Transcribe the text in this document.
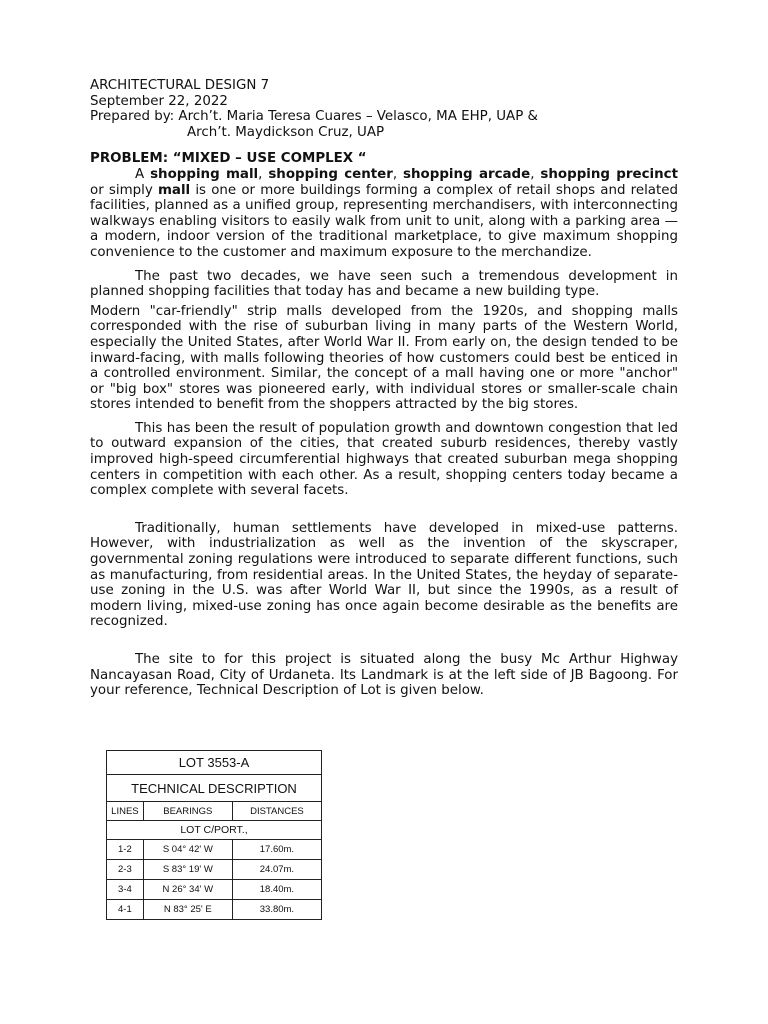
ARCHITECTURAL DESIGN 7
September 22, 2022
Prepared by: Arch’t. Maria Teresa Cuares – Velasco, MA EHP, UAP &
Arch’t. Maydickson Cruz, UAP
PROBLEM: “MIXED – USE COMPLEX “

A shopping mall, shopping center, shopping arcade, shopping precinct or simply mall is one or more buildings forming a complex of retail shops and related facilities, planned as a unified group, representing merchandisers, with interconnecting walkways enabling visitors to easily walk from unit to unit, along with a parking area — a modern, indoor version of the traditional marketplace, to give maximum shopping convenience to the customer and maximum exposure to the merchandize.

The past two decades, we have seen such a tremendous development in planned shopping facilities that today has and became a new building type.

Modern "car-friendly" strip malls developed from the 1920s, and shopping malls corresponded with the rise of suburban living in many parts of the Western World, especially the United States, after World War II. From early on, the design tended to be inward-facing, with malls following theories of how customers could best be enticed in a controlled environment. Similar, the concept of a mall having one or more "anchor" or "big box" stores was pioneered early, with individual stores or smaller-scale chain stores intended to benefit from the shoppers attracted by the big stores.

This has been the result of population growth and downtown congestion that led to outward expansion of the cities, that created suburb residences, thereby vastly improved high-speed circumferential highways that created suburban mega shopping centers in competition with each other. As a result, shopping centers today became a complex complete with several facets.

Traditionally, human settlements have developed in mixed-use patterns. However, with industrialization as well as the invention of the skyscraper, governmental zoning regulations were introduced to separate different functions, such as manufacturing, from residential areas. In the United States, the heyday of separate-use zoning in the U.S. was after World War II, but since the 1990s, as a result of modern living, mixed-use zoning has once again become desirable as the benefits are recognized.

The site to for this project is situated along the busy Mc Arthur Highway Nancayasan Road, City of Urdaneta. Its Landmark is at the left side of JB Bagoong. For your reference, Technical Description of Lot is given below.

LOT 3553-A		
TECHNICAL DESCRIPTION		
LINES	BEARINGS	DISTANCES
LOT C/PORT.,		
1-2	S 04° 42' W	17.60m.
2-3	S 83° 19' W	24.07m.
3-4	N 26° 34' W	18.40m.
4-1	N 83° 25' E	33.80m.
